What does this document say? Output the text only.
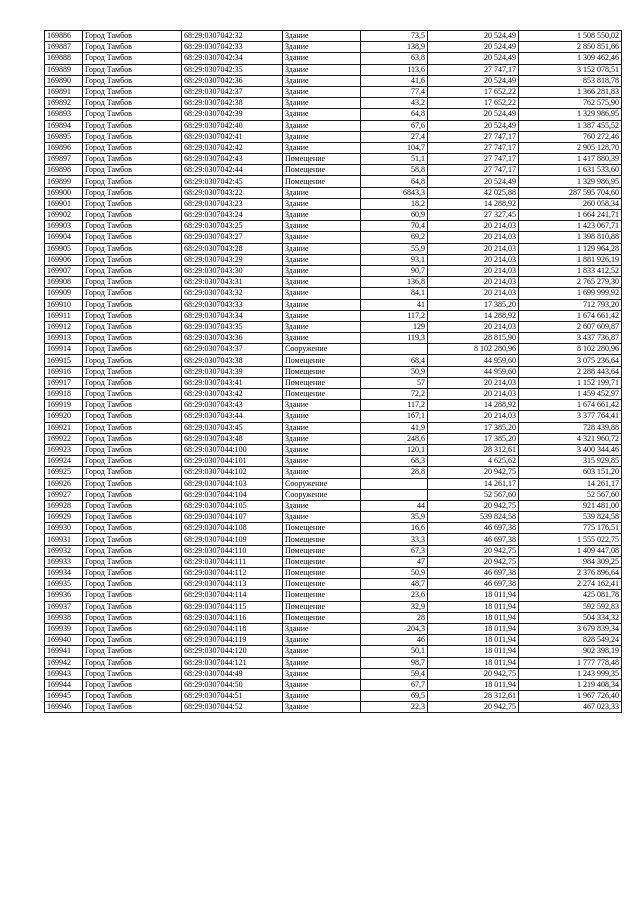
169886	Город Тамбов	68:29:0307042:32	Здание	73,5	20 524,49	1 508 550,02
169887	Город Тамбов	68:29:0307042:33	Здание	138,9	20 524,49	2 850 851,66
169888	Город Тамбов	68:29:0307042:34	Здание	63,8	20 524,49	1 309 462,46
169889	Город Тамбов	68:29:0307042:35	Здание	113,6	27 747,17	3 152 078,51
169890	Город Тамбов	68:29:0307042:36	Здание	41,6	20 524,49	853 818,78
169891	Город Тамбов	68:29:0307042:37	Здание	77,4	17 652,22	1 366 281,83
169892	Город Тамбов	68:29:0307042:38	Здание	43,2	17 652,22	762 575,90
169893	Город Тамбов	68:29:0307042:39	Здание	64,8	20 524,49	1 329 986,95
169894	Город Тамбов	68:29:0307042:40	Здание	67,6	20 524,49	1 387 455,52
169895	Город Тамбов	68:29:0307042:41	Здание	27,4	27 747,17	760 272,46
169896	Город Тамбов	68:29:0307042:42	Здание	104,7	27 747,17	2 905 128,70
169897	Город Тамбов	68:29:0307042:43	Помещение	51,1	27 747,17	1 417 880,39
169898	Город Тамбов	68:29:0307042:44	Помещение	58,8	27 747,17	1 631 533,60
169899	Город Тамбов	68:29:0307042:45	Помещение	64,8	20 524,49	1 329 986,95
169900	Город Тамбов	68:29:0307043:22	Здание	6843,3	42 025,88	287 595 704,60
169901	Город Тамбов	68:29:0307043:23	Здание	18,2	14 288,92	260 058,34
169902	Город Тамбов	68:29:0307043:24	Здание	60,9	27 327,45	1 664 241,71
169903	Город Тамбов	68:29:0307043:25	Здание	70,4	20 214,03	1 423 067,71
169904	Город Тамбов	68:29:0307043:27	Здание	69,2	20 214,03	1 398 810,88
169905	Город Тамбов	68:29:0307043:28	Здание	55,9	20 214,03	1 129 964,28
169906	Город Тамбов	68:29:0307043:29	Здание	93,1	20 214,03	1 881 926,19
169907	Город Тамбов	68:29:0307043:30	Здание	90,7	20 214,03	1 833 412,52
169908	Город Тамбов	68:29:0307043:31	Здание	136,8	20 214,03	2 765 279,30
169909	Город Тамбов	68:29:0307043:32	Здание	84,1	20 214,03	1 699 999,92
169910	Город Тамбов	68:29:0307043:33	Здание	41	17 385,20	712 793,20
169911	Город Тамбов	68:29:0307043:34	Здание	117,2	14 288,92	1 674 661,42
169912	Город Тамбов	68:29:0307043:35	Здание	129	20 214,03	2 607 609,87
169913	Город Тамбов	68:29:0307043:36	Здание	119,3	28 815,90	3 437 736,87
169914	Город Тамбов	68:29:0307043:37	Сооружение		8 102 280,96	8 102 280,96
169915	Город Тамбов	68:29:0307043:38	Помещение	68,4	44 959,60	3 075 236,64
169916	Город Тамбов	68:29:0307043:39	Помещение	50,9	44 959,60	2 288 443,64
169917	Город Тамбов	68:29:0307043:41	Помещение	57	20 214,03	1 152 199,71
169918	Город Тамбов	68:29:0307043:42	Помещение	72,2	20 214,03	1 459 452,97
169919	Город Тамбов	68:29:0307043:43	Здание	117,2	14 288,92	1 674 661,42
169920	Город Тамбов	68:29:0307043:44	Здание	167,1	20 214,03	3 377 764,41
169921	Город Тамбов	68:29:0307043:45	Здание	41,9	17 385,20	728 439,88
169922	Город Тамбов	68:29:0307043:48	Здание	248,6	17 385,20	4 321 960,72
169923	Город Тамбов	68:29:0307044:100	Здание	120,1	28 312,61	3 400 344,46
169924	Город Тамбов	68:29:0307044:101	Здание	68,3	4 625,62	315 929,85
169925	Город Тамбов	68:29:0307044:102	Здание	28,8	20 942,75	603 151,20
169926	Город Тамбов	68:29:0307044:103	Сооружение		14 261,17	14 261,17
169927	Город Тамбов	68:29:0307044:104	Сооружение		52 567,60	52 567,60
169928	Город Тамбов	68:29:0307044:105	Здание	44	20 942,75	921 481,00
169929	Город Тамбов	68:29:0307044:107	Здание	35,9	539 824,58	539 824,58
169930	Город Тамбов	68:29:0307044:108	Помещение	16,6	46 697,38	775 176,51
169931	Город Тамбов	68:29:0307044:109	Помещение	33,3	46 697,38	1 555 022,75
169932	Город Тамбов	68:29:0307044:110	Помещение	67,3	20 942,75	1 409 447,08
169933	Город Тамбов	68:29:0307044:111	Помещение	47	20 942,75	984 309,25
169934	Город Тамбов	68:29:0307044:112	Помещение	50,9	46 697,38	2 376 896,64
169935	Город Тамбов	68:29:0307044:113	Помещение	48,7	46 697,38	2 274 162,41
169936	Город Тамбов	68:29:0307044:114	Помещение	23,6	18 011,94	425 081,78
169937	Город Тамбов	68:29:0307044:115	Помещение	32,9	18 011,94	592 592,83
169938	Город Тамбов	68:29:0307044:116	Помещение	28	18 011,94	504 334,32
169939	Город Тамбов	68:29:0307044:118	Здание	204,3	18 011,94	3 679 839,34
169940	Город Тамбов	68:29:0307044:119	Здание	46	18 011,94	828 549,24
169941	Город Тамбов	68:29:0307044:120	Здание	50,1	18 011,94	902 398,19
169942	Город Тамбов	68:29:0307044:121	Здание	98,7	18 011,94	1 777 778,48
169943	Город Тамбов	68:29:0307044:49	Здание	59,4	20 942,75	1 243 999,35
169944	Город Тамбов	68:29:0307044:50	Здание	67,7	18 011,94	1 219 408,34
169945	Город Тамбов	68:29:0307044:51	Здание	69,5	28 312,61	1 967 726,40
169946	Город Тамбов	68:29:0307044:52	Здание	22,3	20 942,75	467 023,33
